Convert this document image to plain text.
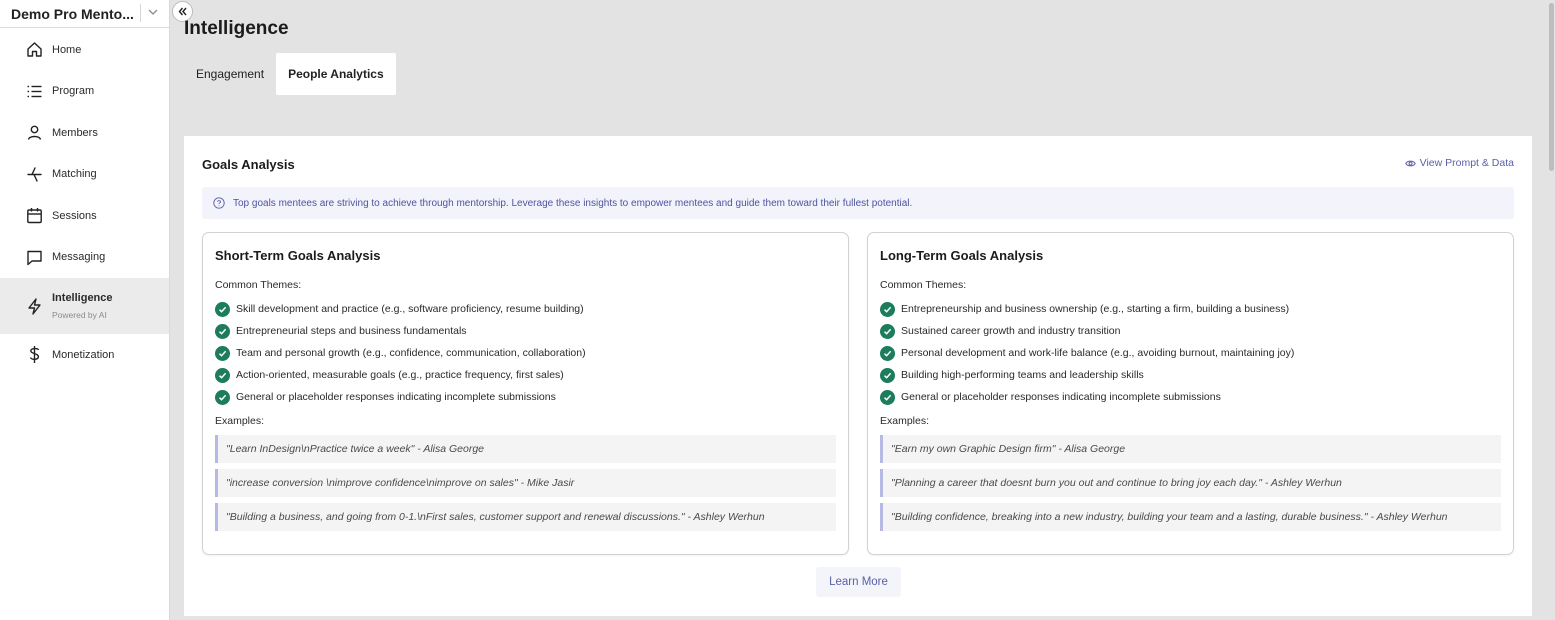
Demo Pro Mento...
Home
Program
Members
Matching
Sessions
Messaging
Intelligence
Powered by AI
Monetization
Intelligence
Engagement	People Analytics
Goals Analysis	View Prompt & Data
Top goals mentees are striving to achieve through mentorship. Leverage these insights to empower mentees and guide them toward their fullest potential.
Short-Term Goals Analysis
Common Themes:
Skill development and practice (e.g., software proficiency, resume building)
Entrepreneurial steps and business fundamentals
Team and personal growth (e.g., confidence, communication, collaboration)
Action-oriented, measurable goals (e.g., practice frequency, first sales)
General or placeholder responses indicating incomplete submissions
Examples:
"Learn InDesign\nPractice twice a week" - Alisa George
"increase conversion \nimprove confidence\nimprove on sales" - Mike Jasir
"Building a business, and going from 0-1.\nFirst sales, customer support and renewal discussions." - Ashley Werhun
Long-Term Goals Analysis
Common Themes:
Entrepreneurship and business ownership (e.g., starting a firm, building a business)
Sustained career growth and industry transition
Personal development and work-life balance (e.g., avoiding burnout, maintaining joy)
Building high-performing teams and leadership skills
General or placeholder responses indicating incomplete submissions
Examples:
"Earn my own Graphic Design firm" - Alisa George
"Planning a career that doesnt burn you out and continue to bring joy each day." - Ashley Werhun
"Building confidence, breaking into a new industry, building your team and a lasting, durable business." - Ashley Werhun
Learn More
